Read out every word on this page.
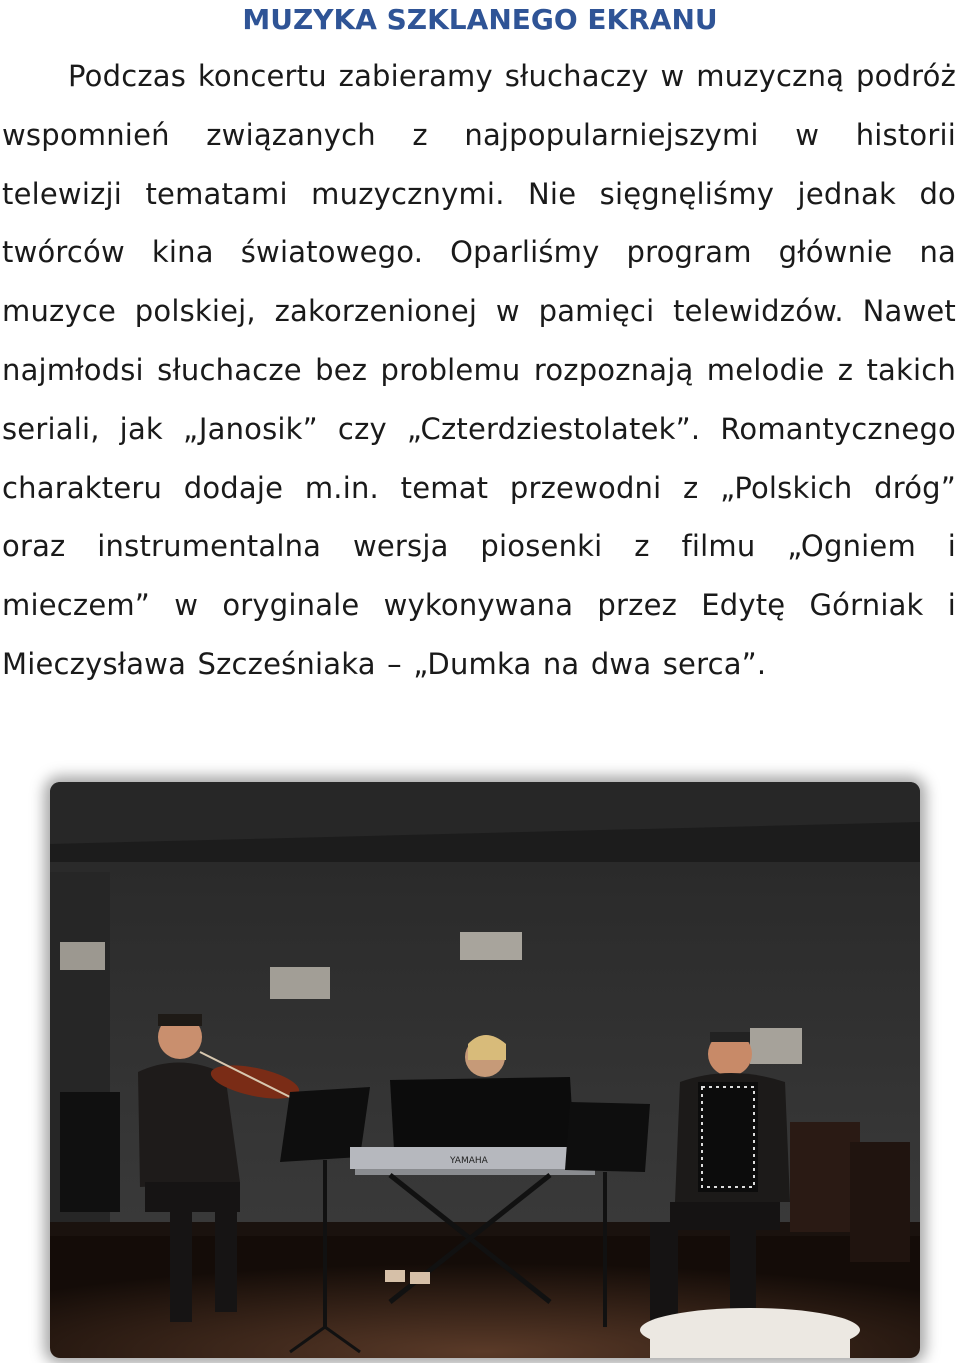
MUZYKA SZKLANEGO EKRANU

Podczas koncertu zabieramy słuchaczy w muzyczną podróż wspomnień związanych z najpopularniejszymi w historii telewizji tematami muzycznymi. Nie sięgnęliśmy jednak do twórców kina światowego. Oparliśmy program głównie na muzyce polskiej, zakorzenionej w pamięci telewidzów. Nawet najmłodsi słuchacze bez problemu rozpoznają melodie z takich seriali, jak „Janosik” czy „Czterdziestolatek”. Romantycznego charakteru dodaje m.in. temat przewodni z „Polskich dróg” oraz instrumentalna wersja piosenki z filmu „Ogniem i mieczem” w oryginale wykonywana przez Edytę Górniak i Mieczysława Szcześniaka – „Dumka na dwa serca”.

YAMAHA
